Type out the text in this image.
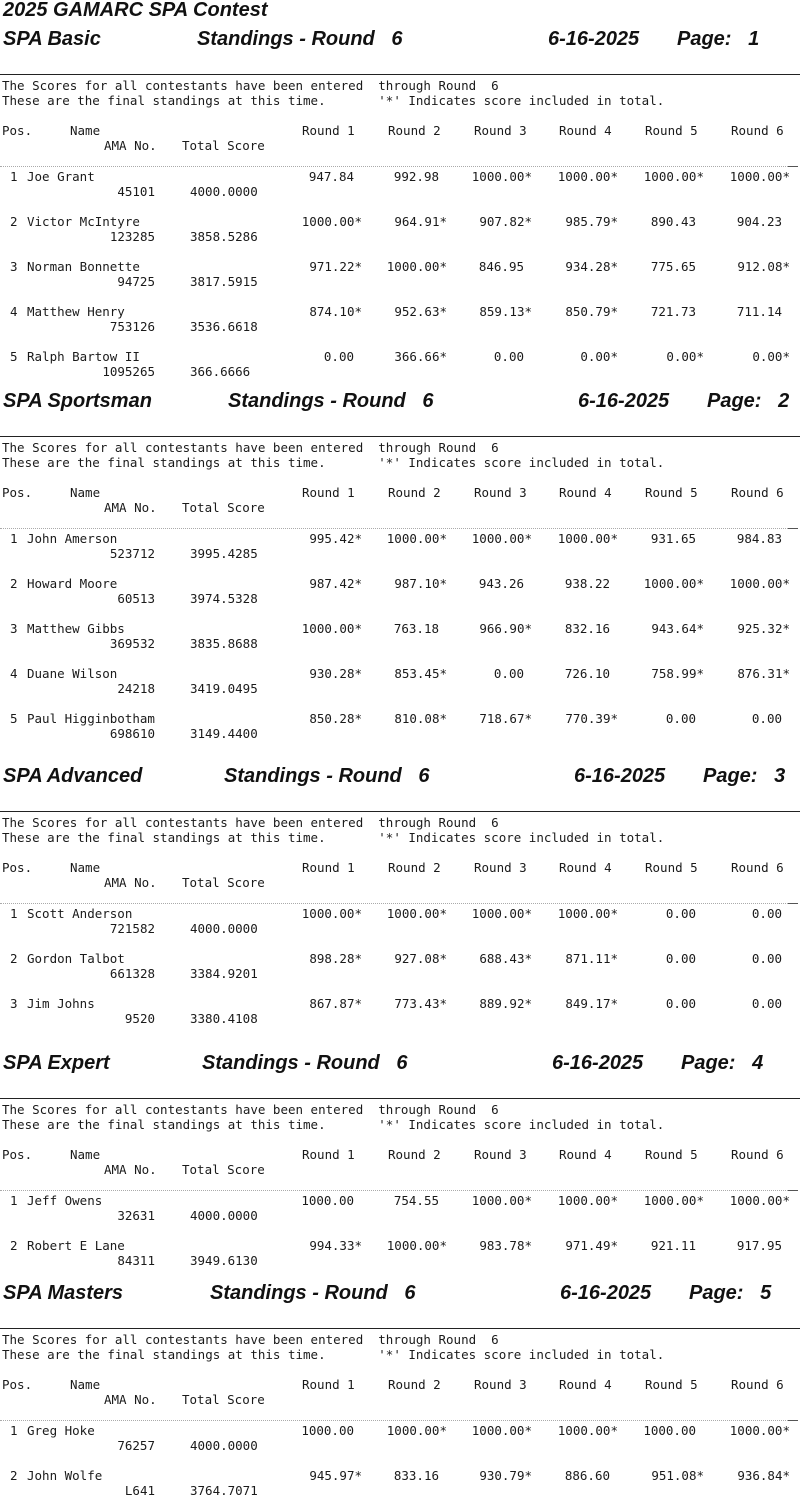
2025 GAMARC SPA Contest
SPA Basic	Standings - Round   6	6-16-2025 Page:   1
The Scores for all contestants have been entered  through Round  6
These are the final standings at this time.       '*' Indicates score included in total.
Pos.	Name
AMA No. Total Score
Round 1	Round 2	Round 3	Round 4	Round 5	Round 6
1 Joe Grant
45101	4000.0000
947.84	992.98	1000.00* 1000.00* 1000.00* 1000.00*
2 Victor McIntyre
123285	3858.5286
1000.00*	964.91*	907.82*	985.79*	890.43	904.23
3 Norman Bonnette
94725	3817.5915
971.22* 1000.00*	846.95	934.28*	775.65	912.08*
4 Matthew Henry
753126	3536.6618
874.10*	952.63*	859.13*	850.79*	721.73	711.14
5 Ralph Bartow II
1095265	366.6666
0.00	366.66*	0.00	0.00*	0.00*	0.00*
SPA Sportsman	Standings - Round   6	6-16-2025 Page:   2
The Scores for all contestants have been entered  through Round  6
These are the final standings at this time.       '*' Indicates score included in total.
Pos.	Name
AMA No. Total Score
Round 1	Round 2	Round 3	Round 4	Round 5	Round 6
1 John Amerson
523712	3995.4285
995.42* 1000.00* 1000.00* 1000.00*	931.65	984.83
2 Howard Moore
60513	3974.5328
987.42*	987.10*	943.26	938.22	1000.00* 1000.00*
3 Matthew Gibbs
369532	3835.8688
1000.00*	763.18	966.90*	832.16	943.64*	925.32*
4 Duane Wilson
24218	3419.0495
930.28*	853.45*	0.00	726.10	758.99*	876.31*
5 Paul Higginbotham
698610	3149.4400
850.28*	810.08*	718.67*	770.39*	0.00	0.00
SPA Advanced	Standings - Round   6	6-16-2025 Page:   3
The Scores for all contestants have been entered  through Round  6
These are the final standings at this time.       '*' Indicates score included in total.
Pos.	Name
AMA No. Total Score
Round 1	Round 2	Round 3	Round 4	Round 5	Round 6
1 Scott Anderson
721582	4000.0000
1000.00* 1000.00* 1000.00* 1000.00*	0.00	0.00
2 Gordon Talbot
661328	3384.9201
898.28*	927.08*	688.43*	871.11*	0.00	0.00
3 Jim Johns
9520	3380.4108
867.87*	773.43*	889.92*	849.17*	0.00	0.00
SPA Expert	Standings - Round   6	6-16-2025 Page:   4
The Scores for all contestants have been entered  through Round  6
These are the final standings at this time.       '*' Indicates score included in total.
Pos.	Name
AMA No. Total Score
Round 1	Round 2	Round 3	Round 4	Round 5	Round 6
1 Jeff Owens
32631	4000.0000
1000.00	754.55	1000.00* 1000.00* 1000.00* 1000.00*
2 Robert E Lane
84311	3949.6130
994.33* 1000.00*	983.78*	971.49*	921.11	917.95
SPA Masters	Standings - Round   6	6-16-2025 Page:   5
The Scores for all contestants have been entered  through Round  6
These are the final standings at this time.       '*' Indicates score included in total.
Pos.	Name
AMA No. Total Score
Round 1	Round 2	Round 3	Round 4	Round 5	Round 6
1 Greg Hoke
76257	4000.0000
1000.00	1000.00* 1000.00* 1000.00* 1000.00	1000.00*
2 John Wolfe
L641	3764.7071
945.97*	833.16	930.79*	886.60	951.08*	936.84*
